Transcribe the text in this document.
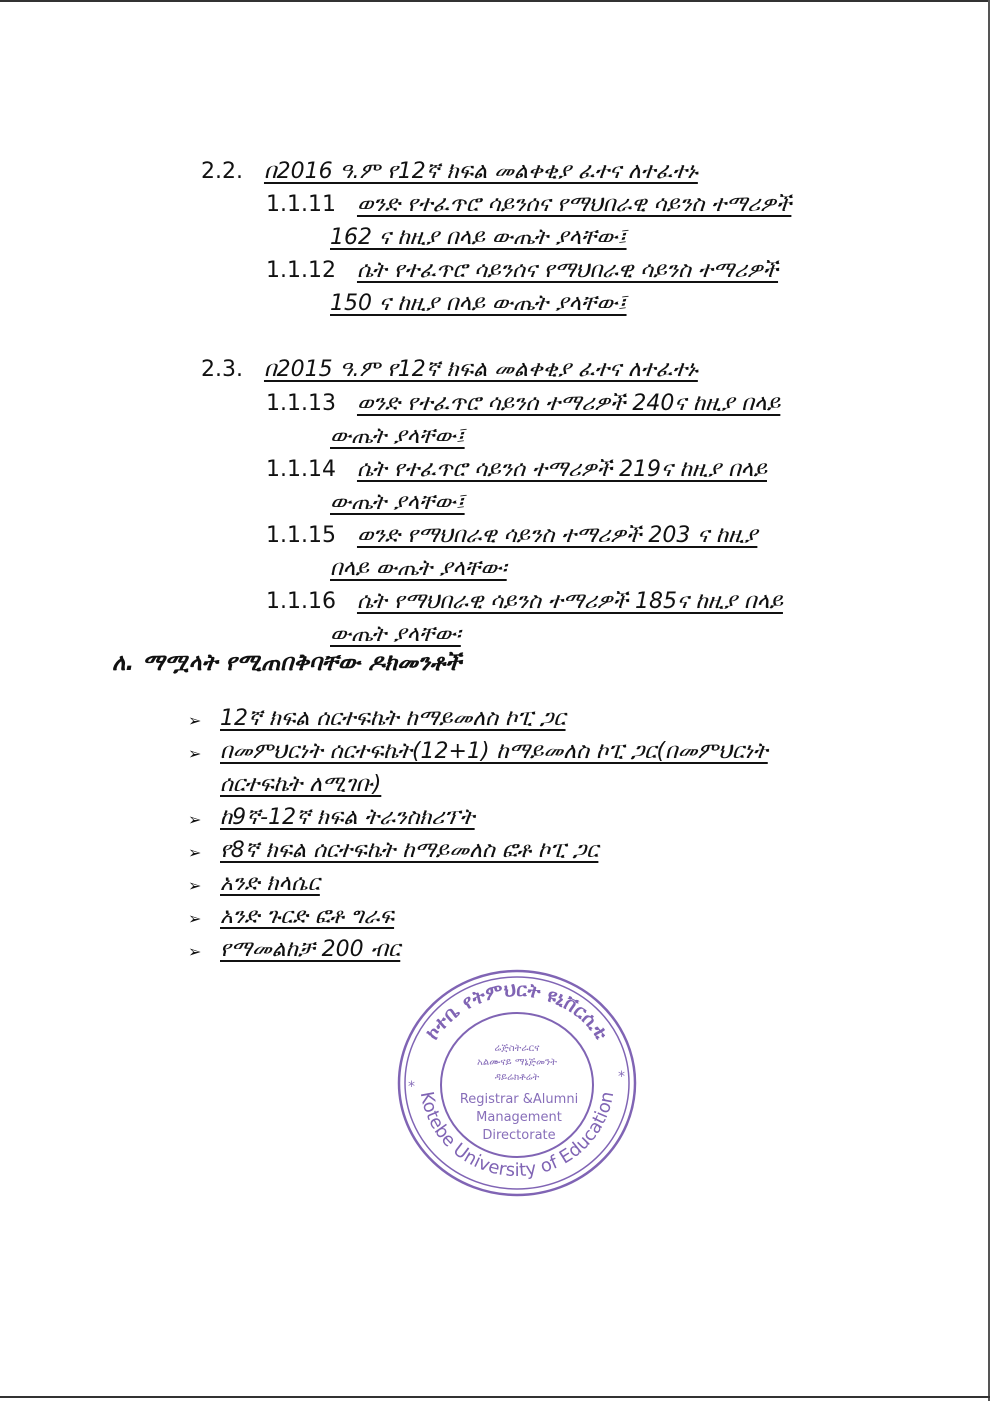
2.2. በ2016 ዓ.ም የ12ኛ ክፍል መልቀቂያ ፈተና ለተፈተኑ
1.1.11 ወንድ የተፈጥሮ ሳይንሰና የማህበራዊ ሳይንስ ተማሪዎች
162 ና ከዚያ በላይ ውጤት ያላቸው፤
1.1.12 ሴት የተፈጥሮ ሳይንሰና የማህበራዊ ሳይንስ ተማሪዎች
150 ና ከዚያ በላይ ውጤት ያላቸው፤
2.3. በ2015 ዓ.ም የ12ኛ ክፍል መልቀቂያ ፈተና ለተፈተኑ
1.1.13 ወንድ የተፈጥሮ ሳይንሰ ተማሪዎች 240ና ከዚያ በላይ
ውጤት ያላቸው፤
1.1.14 ሴት የተፈጥሮ ሳይንሰ ተማሪዎች 219ና ከዚያ በላይ
ውጤት ያላቸው፤
1.1.15 ወንድ የማህበራዊ ሳይንስ ተማሪዎች 203 ና ከዚያ
በላይ ውጤት ያላቸው፡
1.1.16 ሴት የማህበራዊ ሳይንስ ተማሪዎች 185ና ከዚያ በላይ
ውጤት ያላቸው፡
ለ. ማሟላት የሚጠበቅባቸው ዶክመንቶች
➢ 12ኛ ክፍል ሰርተፍኬት ከማይመለስ ኮፒ ጋር
➢ በመምህርነት ሰርተፍኬት(12+1) ከማይመለስ ኮፒ ጋር(በመምህርነት
ሰርተፍኬት ለሚገቡ)
➢ ከ9ኛ-12ኛ ክፍል ትራንስክሪፕት
➢ የ8ኛ ክፍል ሰርተፍኬት ከማይመለስ ፎቶ ኮፒ ጋር
➢ አንድ ክላሴር
➢ አንድ ጉርድ ፎቶ ግራፍ
➢ የማመልከቻ 200 ብር
ኮተቤ የትምህርት ዩኒቨርሲቲ
Kotebe University of Education
*
*
ሬጅስትራርና
አልሙናይ ማኔጅመንት
ዳይሬክቶሬት
Registrar &Alumni
Management
Directorate
